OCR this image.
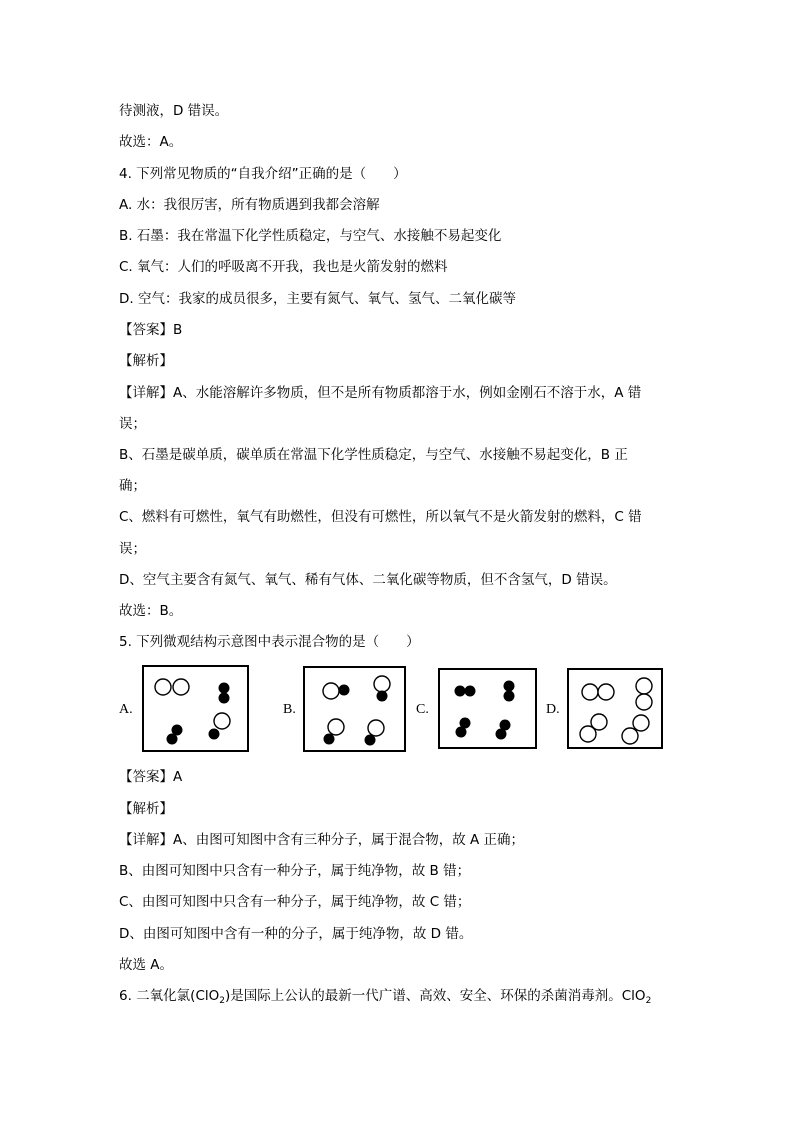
待测液，D 错误。
故选：A。
4. 下列常见物质的“自我介绍”正确的是（　　）
A. 水：我很厉害，所有物质遇到我都会溶解
B. 石墨：我在常温下化学性质稳定，与空气、水接触不易起变化
C. 氧气：人们的呼吸离不开我，我也是火箭发射的燃料
D. 空气：我家的成员很多，主要有氮气、氧气、氢气、二氧化碳等
【答案】B
【解析】
【详解】A、水能溶解许多物质，但不是所有物质都溶于水，例如金刚石不溶于水，A 错
误；
B、石墨是碳单质，碳单质在常温下化学性质稳定，与空气、水接触不易起变化，B 正
确；
C、燃料有可燃性，氧气有助燃性，但没有可燃性，所以氧气不是火箭发射的燃料，C 错
误；
D、空气主要含有氮气、氧气、稀有气体、二氧化碳等物质，但不含氢气，D 错误。
故选：B。
5. 下列微观结构示意图中表示混合物的是（　　）
A.	B.	C.	D.
【答案】A
【解析】
【详解】A、由图可知图中含有三种分子，属于混合物，故 A 正确；
B、由图可知图中只含有一种分子，属于纯净物，故 B 错；
C、由图可知图中只含有一种分子，属于纯净物，故 C 错；
D、由图可知图中含有一种的分子，属于纯净物，故 D 错。
故选 A。
6. 二氧化氯(ClO$_2$)是国际上公认的最新一代广谱、高效、安全、环保的杀菌消毒剂。ClO$_2$
